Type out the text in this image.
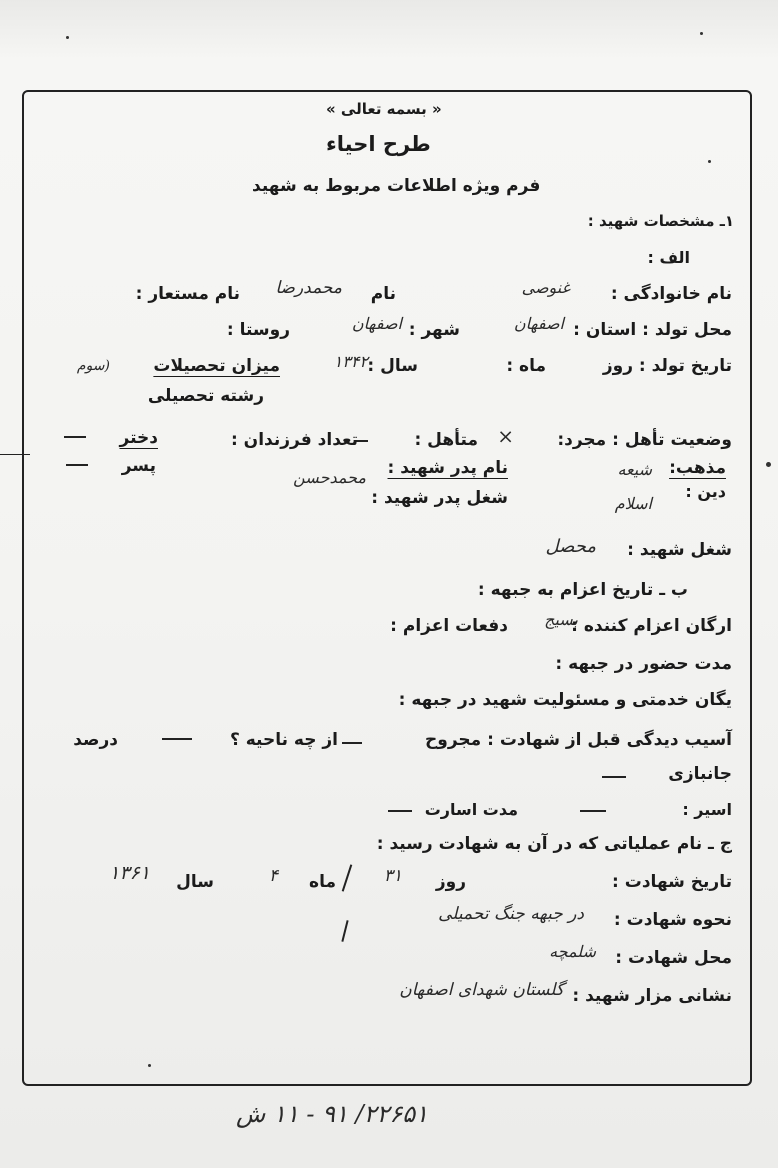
« بسمه تعالی »
طرح احیاء
فرم ویژه اطلاعات مربوط به شهید
۱ـ مشخصات شهید :
الف :
نام خانوادگی :
غنوصی
نام
محمدرضا
نام مستعار :
محل تولد : استان :
اصفهان
شهر :
اصفهان
روستا :
تاریخ تولد : روز
ماه :
سال :
۱۳۴۲
میزان تحصیلات
رشته تحصیلی
(سوم
وضعیت تأهل : مجرد:
×
متأهل :
تعداد فرزندان :
دختر
پسر	مذهب:
شیعه
دین :
اسلام
نام پدر شهید :
محمدحسن
شغل پدر شهید :
شغل شهید :
محصل
ب ـ تاریخ اعزام به جبهه :
ارگان اعزام کننده :
بسیج
دفعات اعزام :
مدت حضور در جبهه :
یگان خدمتی و مسئولیت شهید در جبهه :
آسیب دیدگی قبل از شهادت : مجروح
از چه ناحیه ؟
درصد
جانبازی
اسیر :
مدت اسارت
ج ـ نام عملیاتی که در آن به شهادت رسید :
تاریخ شهادت :
روز
۳۱
ماه
۴
سال
۱۳۶۱
نحوه شهادت :
در جبهه جنگ تحمیلی
محل شهادت :
شلمچه
نشانی مزار شهید :
گلستان شهدای اصفهان
۲۲۶۵۱/ ۹۱ - ۱۱ ش
